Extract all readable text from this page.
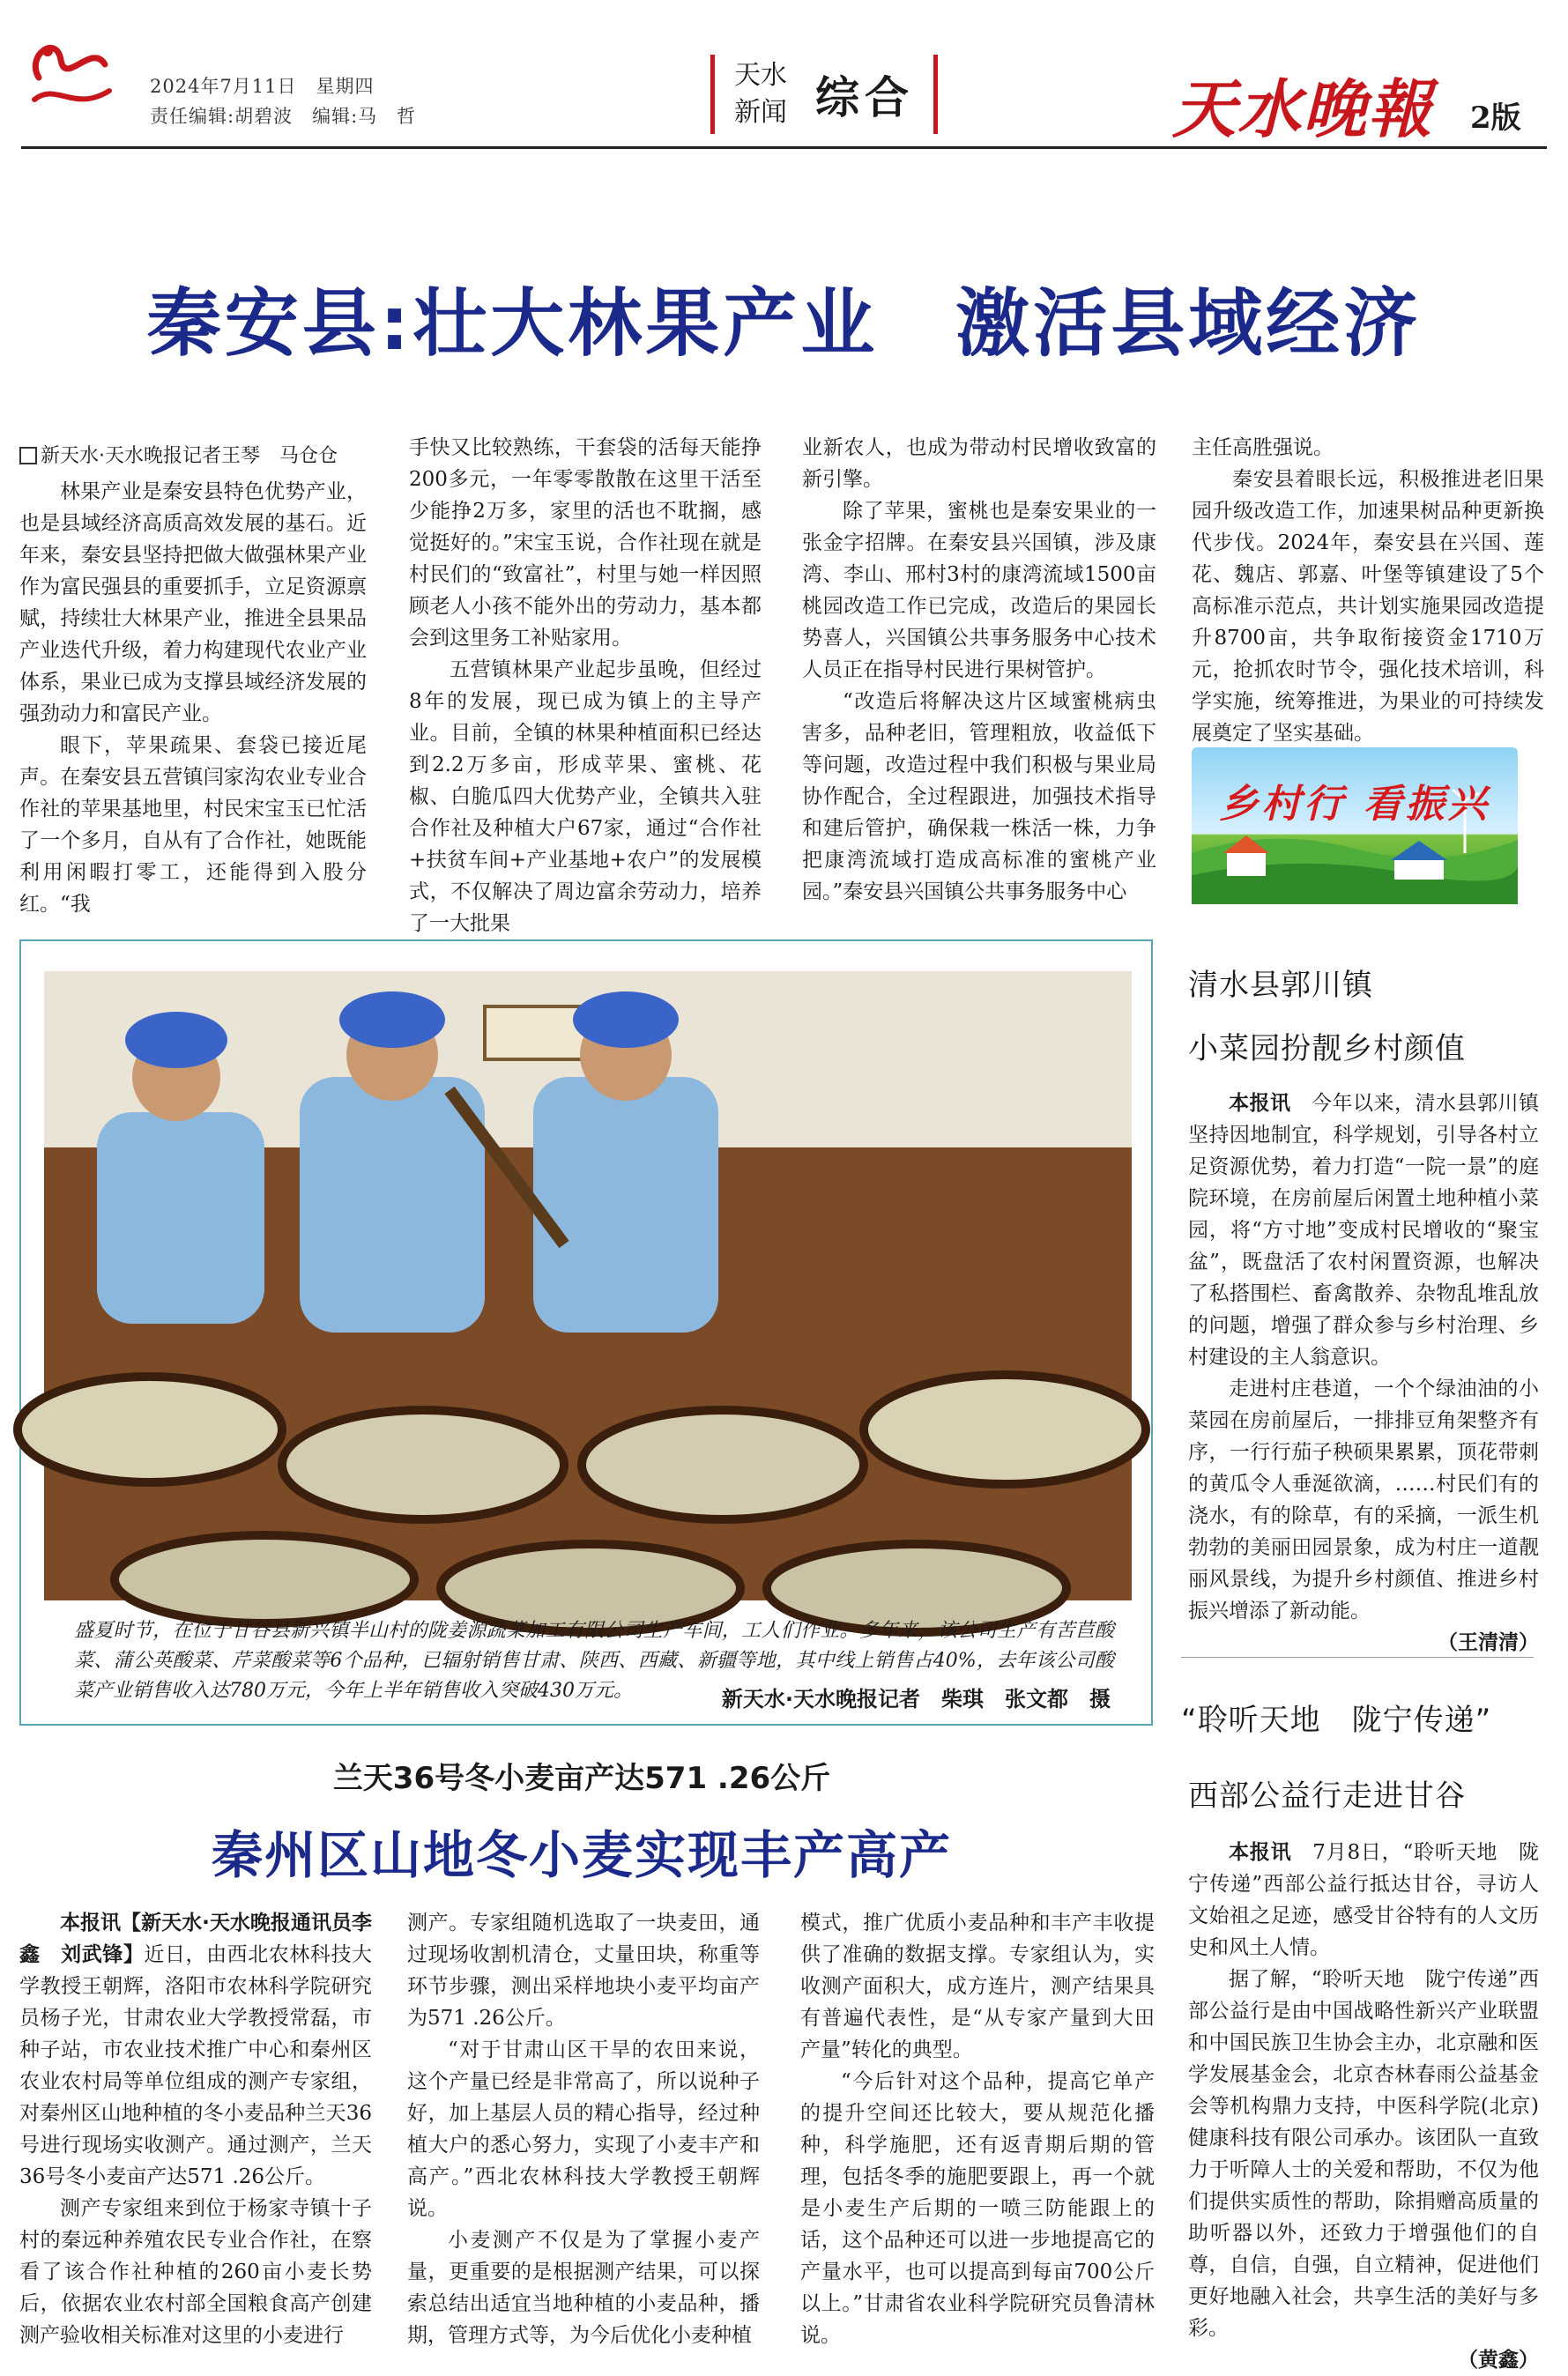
2024年7月11日　星期四
责任编辑:胡碧波　编辑:马　哲
天水新闻 综合	天水晚報 2版
秦安县:壮大林果产业　激活县域经济
新天水·天水晚报记者王琴　马仓仓

林果产业是秦安县特色优势产业，也是县域经济高质高效发展的基石。近年来，秦安县坚持把做大做强林果产业作为富民强县的重要抓手，立足资源禀赋，持续壮大林果产业，推进全县果品产业迭代升级，着力构建现代农业产业体系，果业已成为支撑县域经济发展的强劲动力和富民产业。

眼下，苹果疏果、套袋已接近尾声。在秦安县五营镇闫家沟农业专业合作社的苹果基地里，村民宋宝玉已忙活了一个多月，自从有了合作社，她既能利用闲暇打零工，还能得到入股分红。“我

手快又比较熟练，干套袋的活每天能挣200多元，一年零零散散在这里干活至少能挣2万多，家里的活也不耽搁，感觉挺好的。”宋宝玉说，合作社现在就是村民们的“致富社”，村里与她一样因照顾老人小孩不能外出的劳动力，基本都会到这里务工补贴家用。

五营镇林果产业起步虽晚，但经过8年的发展，现已成为镇上的主导产业。目前，全镇的林果种植面积已经达到2.2万多亩，形成苹果、蜜桃、花椒、白脆瓜四大优势产业，全镇共入驻合作社及种植大户67家，通过“合作社+扶贫车间+产业基地+农户”的发展模式，不仅解决了周边富余劳动力，培养了一大批果

业新农人，也成为带动村民增收致富的新引擎。

除了苹果，蜜桃也是秦安果业的一张金字招牌。在秦安县兴国镇，涉及康湾、李山、邢村3村的康湾流域1500亩桃园改造工作已完成，改造后的果园长势喜人，兴国镇公共事务服务中心技术人员正在指导村民进行果树管护。

“改造后将解决这片区域蜜桃病虫害多，品种老旧，管理粗放，收益低下等问题，改造过程中我们积极与果业局协作配合，全过程跟进，加强技术指导和建后管护，确保栽一株活一株，力争把康湾流域打造成高标准的蜜桃产业园。”秦安县兴国镇公共事务服务中心

主任高胜强说。

秦安县着眼长远，积极推进老旧果园升级改造工作，加速果树品种更新换代步伐。2024年，秦安县在兴国、莲花、魏店、郭嘉、叶堡等镇建设了5个高标准示范点，共计划实施果园改造提升8700亩，共争取衔接资金1710万元，抢抓农时节令，强化技术培训，科学实施，统筹推进，为果业的可持续发展奠定了坚实基础。

乡村行 看振兴
盛夏时节，在位于甘谷县新兴镇半山村的陇姜源蔬菜加工有限公司生产车间，工人们作业。多年来，该公司生产有苦苣酸菜、蒲公英酸菜、芹菜酸菜等6个品种，已辐射销售甘肃、陕西、西藏、新疆等地，其中线上销售占40%，去年该公司酸菜产业销售收入达780万元，今年上半年销售收入突破430万元。	新天水·天水晚报记者　柴琪　张文都　摄
清水县郭川镇
小菜园扮靓乡村颜值

本报讯　 今年以来，清水县郭川镇坚持因地制宜，科学规划，引导各村立足资源优势，着力打造“一院一景”的庭院环境，在房前屋后闲置土地种植小菜园，将“方寸地”变成村民增收的“聚宝盆”，既盘活了农村闲置资源，也解决了私搭围栏、畜禽散养、杂物乱堆乱放的问题，增强了群众参与乡村治理、乡村建设的主人翁意识。

走进村庄巷道，一个个绿油油的小菜园在房前屋后，一排排豆角架整齐有序，一行行茄子秧硕果累累，顶花带刺的黄瓜令人垂涎欲滴，……村民们有的浇水，有的除草，有的采摘，一派生机勃勃的美丽田园景象，成为村庄一道靓丽风景线，为提升乡村颜值、推进乡村振兴增添了新动能。

（王清清）

“聆听天地　陇宁传递”
西部公益行走进甘谷

本报讯　 7月8日，“聆听天地　陇宁传递”西部公益行抵达甘谷，寻访人文始祖之足迹，感受甘谷特有的人文历史和风土人情。

据了解，“聆听天地　陇宁传递”西部公益行是由中国战略性新兴产业联盟和中国民族卫生协会主办，北京融和医学发展基金会，北京杏林春雨公益基金会等机构鼎力支持，中医科学院(北京)健康科技有限公司承办。该团队一直致力于听障人士的关爱和帮助，不仅为他们提供实质性的帮助，除捐赠高质量的助听器以外，还致力于增强他们的自尊，自信，自强，自立精神，促进他们更好地融入社会，共享生活的美好与多彩。

（黄鑫）

兰天36号冬小麦亩产达571 .26公斤
秦州区山地冬小麦实现丰产高产

本报讯【新天水·天水晚报通讯员李鑫　刘武锋】近日，由西北农林科技大学教授王朝辉，洛阳市农林科学院研究员杨子光，甘肃农业大学教授常磊，市种子站，市农业技术推广中心和秦州区农业农村局等单位组成的测产专家组，对秦州区山地种植的冬小麦品种兰天36号进行现场实收测产。通过测产，兰天36号冬小麦亩产达571 .26公斤。

测产专家组来到位于杨家寺镇十子村的秦远种养殖农民专业合作社，在察看了该合作社种植的260亩小麦长势后，依据农业农村部全国粮食高产创建测产验收相关标准对这里的小麦进行

测产。专家组随机选取了一块麦田，通过现场收割机清仓，丈量田块，称重等环节步骤，测出采样地块小麦平均亩产为571 .26公斤。

“对于甘肃山区干旱的农田来说，这个产量已经是非常高了，所以说种子好，加上基层人员的精心指导，经过种植大户的悉心努力，实现了小麦丰产和高产。”西北农林科技大学教授王朝辉说。

小麦测产不仅是为了掌握小麦产量，更重要的是根据测产结果，可以探索总结出适宜当地种植的小麦品种，播期，管理方式等，为今后优化小麦种植

模式，推广优质小麦品种和丰产丰收提供了准确的数据支撑。专家组认为，实收测产面积大，成方连片，测产结果具有普遍代表性，是“从专家产量到大田产量”转化的典型。

“今后针对这个品种，提高它单产的提升空间还比较大，要从规范化播种，科学施肥，还有返青期后期的管理，包括冬季的施肥要跟上，再一个就是小麦生产后期的一喷三防能跟上的话，这个品种还可以进一步地提高它的产量水平，也可以提高到每亩700公斤以上。”甘肃省农业科学院研究员鲁清林说。
